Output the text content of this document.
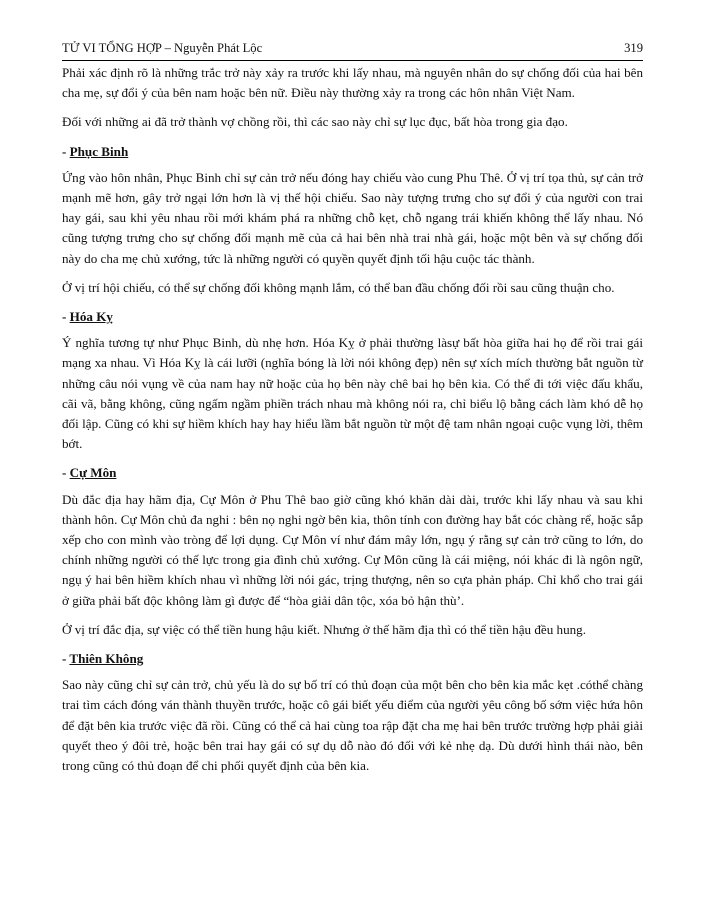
TỬ VI TỔNG HỢP – Nguyễn Phát Lộc	319

Phải xác định rõ là những trắc trở này xảy ra trước khi lấy nhau, mà nguyên nhân do sự chống đối của hai bên cha mẹ, sự đổi ý của bên nam hoặc bên nữ. Điều này thường xảy ra trong các hôn nhân Việt Nam.

Đối với những ai đã trở thành vợ chồng rồi, thì các sao này chỉ sự lục đục, bất hòa trong gia đạo.

- Phục Binh

Ứng vào hôn nhân, Phục Binh chỉ sự cản trở nếu đóng hay chiếu vào cung Phu Thê. Ở vị trí tọa thủ, sự cản trở mạnh mẽ hơn, gây trở ngại lớn hơn là vị thế hội chiếu. Sao này tượng trưng cho sự đổi ý của người con trai hay gái, sau khi yêu nhau rồi mới khám phá ra những chỗ kẹt, chỗ ngang trái khiến không thể lấy nhau. Nó cũng tượng trưng cho sự chống đối mạnh mẽ của cả hai bên nhà trai nhà gái, hoặc một bên và sự chống đối này do cha mẹ chủ xướng, tức là những người có quyền quyết định tối hậu cuộc tác thành.

Ở vị trí hội chiếu, có thể sự chống đối không mạnh lắm, có thể ban đầu chống đối rồi sau cũng thuận cho.

- Hóa Kỵ

Ý nghĩa tương tự như Phục Binh, dù nhẹ hơn. Hóa Kỵ ở phải thường làsự bất hòa giữa hai họ để rồi trai gái mạng xa nhau. Vì Hóa Kỵ là cái lưỡi (nghĩa bóng là lời nói không đẹp) nên sự xích mích thường bắt nguồn từ những câu nói vụng về của nam hay nữ hoặc của họ bên này chê bai họ bên kia. Có thể đi tới việc đấu khẩu, cãi vã, bằng không, cũng ngấm ngầm phiền trách nhau mà không nói ra, chỉ biểu lộ bằng cách làm khó dễ họ đối lập. Cũng có khi sự hiềm khích hay hay hiểu lầm bắt nguồn từ một đệ tam nhân ngoại cuộc vụng lời, thêm bớt.

- Cự Môn

Dù đắc địa hay hãm địa, Cự Môn ở Phu Thê bao giờ cũng khó khăn dài dài, trước khi lấy nhau và sau khi thành hôn. Cự Môn chủ đa nghi : bên nọ nghi ngờ bên kia, thôn tính con đường hay bắt cóc chàng rể, hoặc sắp xếp cho con mình vào tròng để lợi dụng. Cự Môn ví như đám mây lớn, ngụ ý rằng sự cản trở cũng to lớn, do chính những người có thế lực trong gia đình chủ xướng. Cự Môn cũng là cái miệng, nói khác đi là ngôn ngữ, ngụ ý hai bên hiềm khích nhau vì những lời nói gác, trịng thượng, nên so cựa phản pháp. Chỉ khổ cho trai gái ở giữa phải bất độc không làm gì được để “hòa giải dân tộc, xóa bỏ hận thù’.

Ở vị trí đắc địa, sự việc có thể tiền hung hậu kiết. Nhưng ở thế hãm địa thì có thể tiền hậu đều hung.

- Thiên Không

Sao này cũng chỉ sự cản trở, chủ yếu là do sự bố trí có thủ đoạn của một bên cho bên kia mắc kẹt .cóthể chàng trai tìm cách đóng ván thành thuyền trước, hoặc cô gái biết yếu điểm của người yêu công bố sớm việc hứa hôn để đặt bên kia trước việc đã rồi. Cũng có thể cả hai cùng toa rập đặt cha mẹ hai bên trước trường hợp phải giải quyết theo ý đôi trẻ, hoặc bên trai hay gái có sự dụ dỗ nào đó đối với kẻ nhẹ dạ. Dù dưới hình thái nào, bên trong cũng có thủ đoạn để chi phối quyết định của bên kia.
